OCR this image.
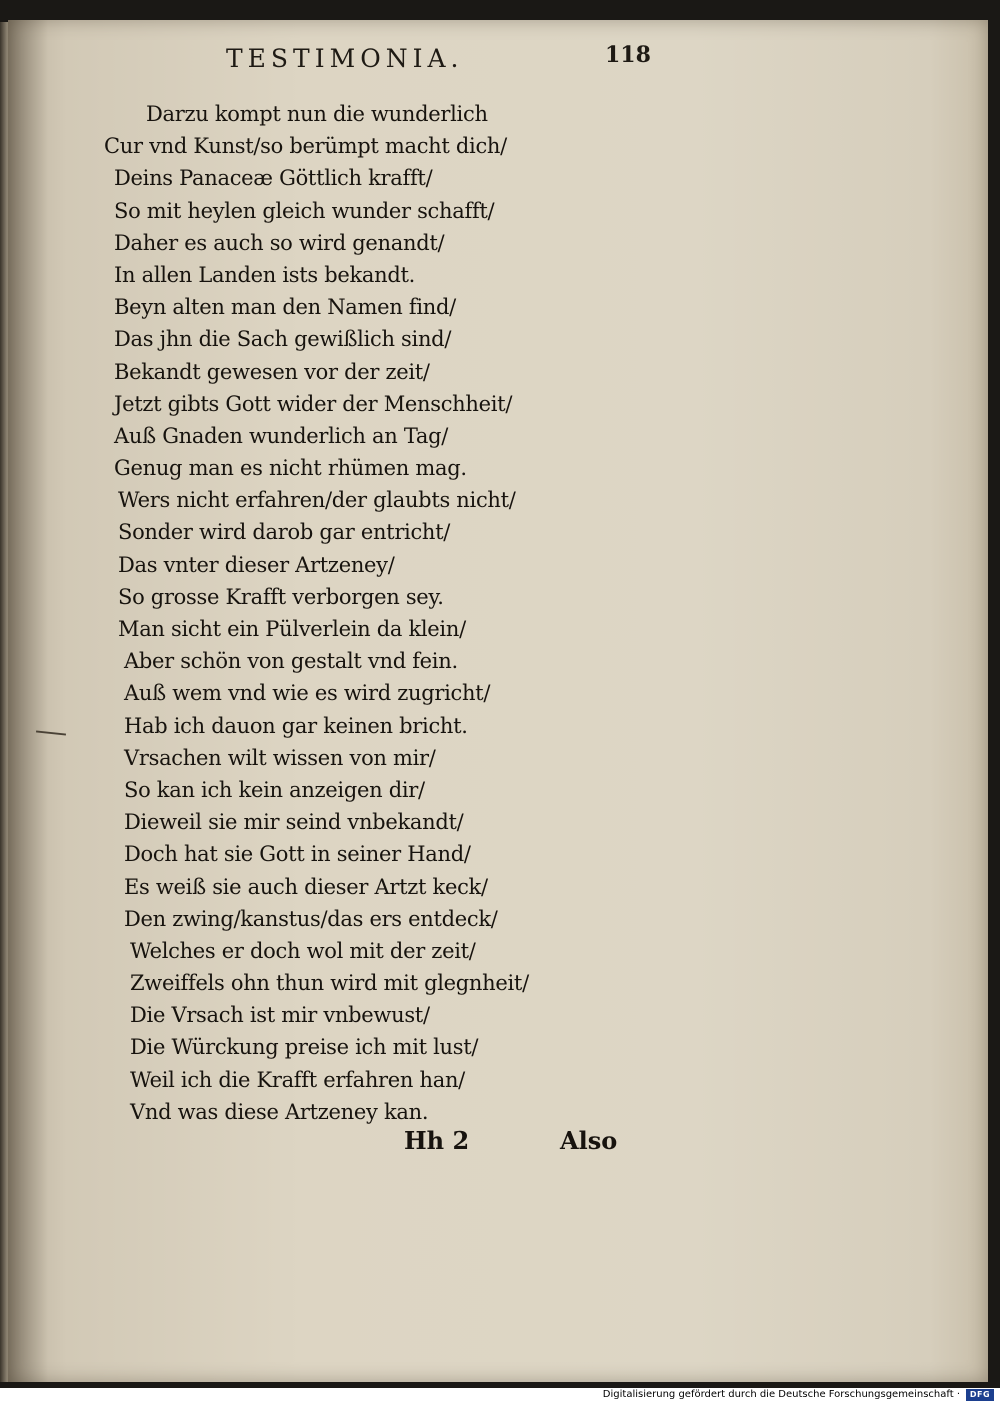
TESTIMONIA.	118
Darzu kompt nun die wunderlich
Cur vnd Kunst/so berümpt macht dich/
Deins Panaceæ Göttlich krafft/
So mit heylen gleich wunder schafft/
Daher es auch so wird genandt/
In allen Landen ists bekandt.
Beyn alten man den Namen find/
Das jhn die Sach gewißlich sind/
Bekandt gewesen vor der zeit/
Jetzt gibts Gott wider der Menschheit/
Auß Gnaden wunderlich an Tag/
Genug man es nicht rhümen mag.
Wers nicht erfahren/der glaubts nicht/
Sonder wird darob gar entricht/
Das vnter dieser Artzeney/
So grosse Krafft verborgen sey.
Man sicht ein Pülverlein da klein/
Aber schön von gestalt vnd fein.
Auß wem vnd wie es wird zugricht/
Hab ich dauon gar keinen bricht.
Vrsachen wilt wissen von mir/
So kan ich kein anzeigen dir/
Dieweil sie mir seind vnbekandt/
Doch hat sie Gott in seiner Hand/
Es weiß sie auch dieser Artzt keck/
Den zwing/kanstus/das ers entdeck/
Welches er doch wol mit der zeit/
Zweiffels ohn thun wird mit glegnheit/
Die Vrsach ist mir vnbewust/
Die Würckung preise ich mit lust/
Weil ich die Krafft erfahren han/
Vnd was diese Artzeney kan.
Hh 2	Also
Digitalisierung gefördert durch die Deutsche Forschungsgemeinschaft ·	DFG
